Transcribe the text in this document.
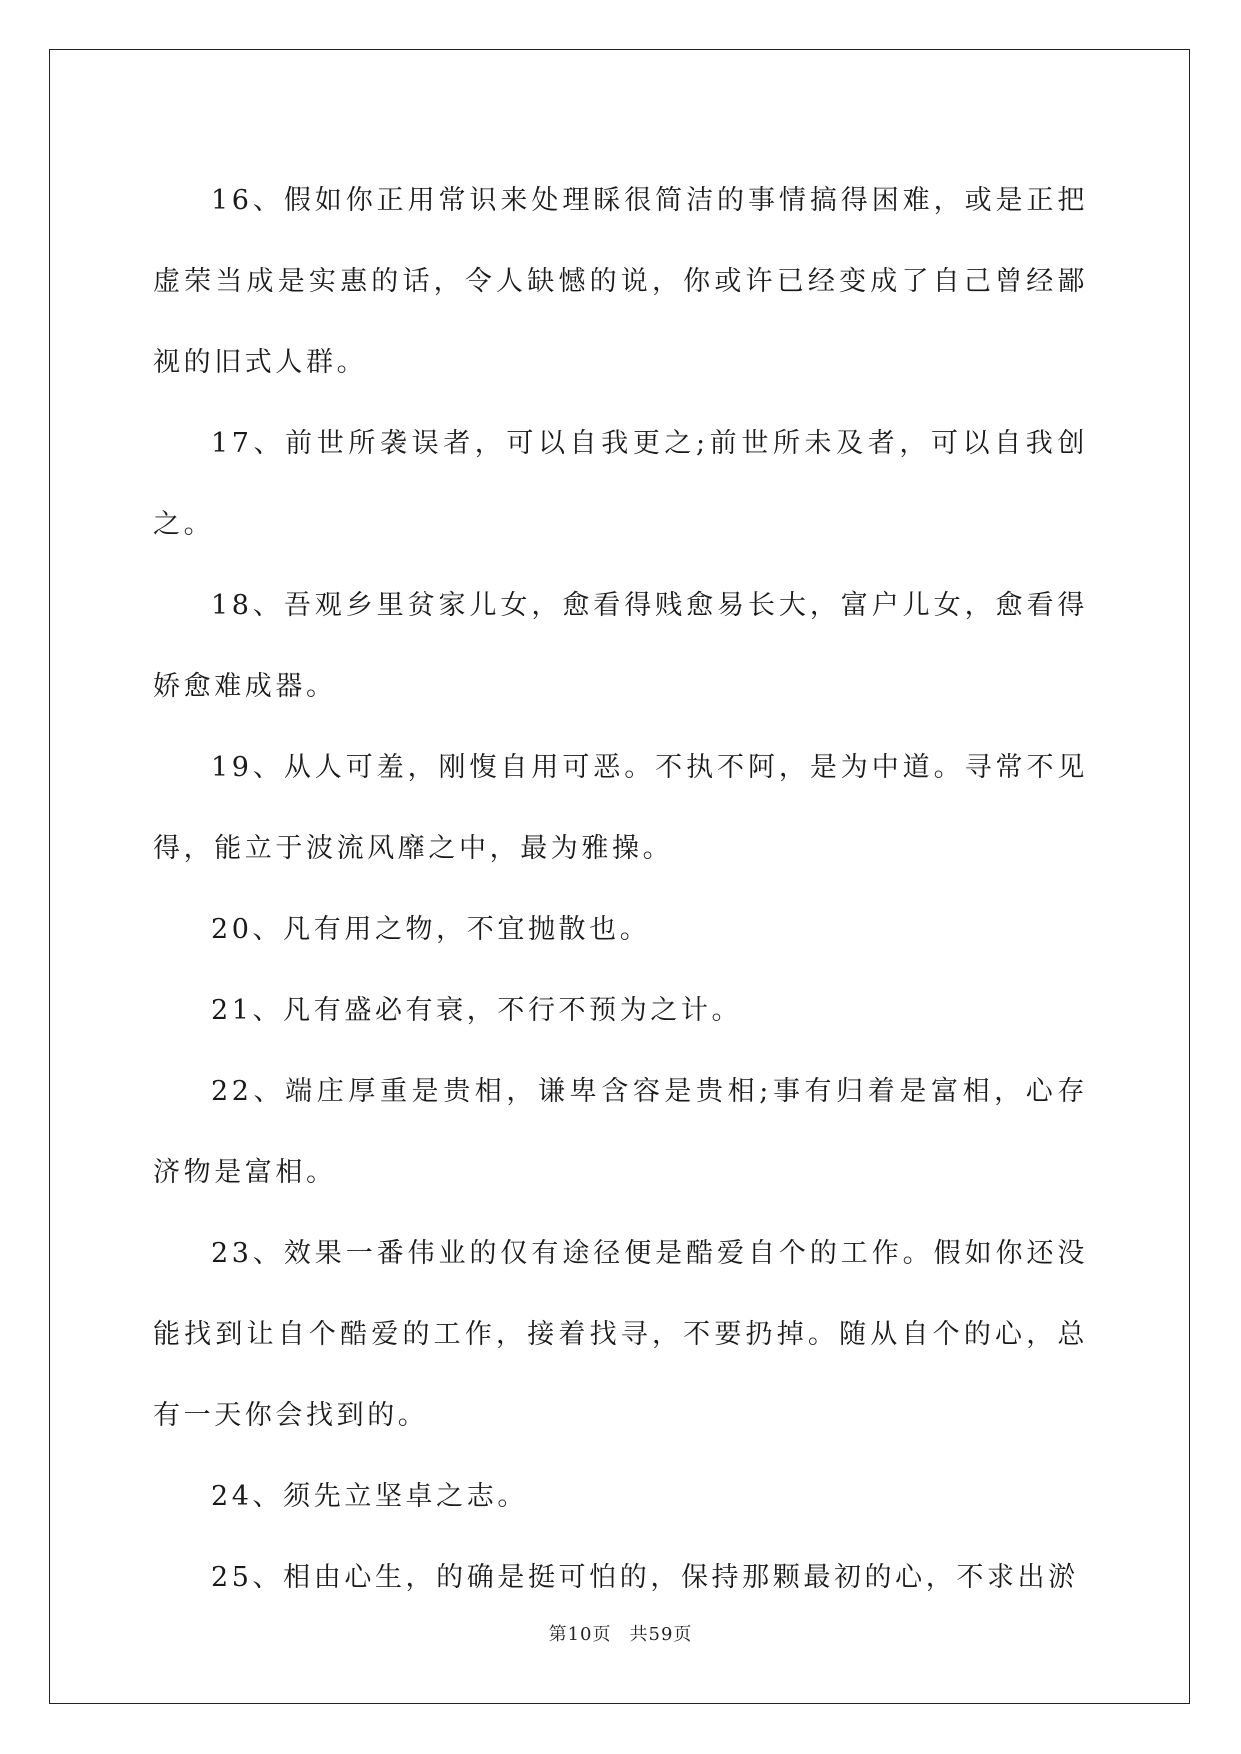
16、假如你正用常识来处理睬很简洁的事情搞得困难，或是正把虚荣当成是实惠的话，令人缺憾的说，你或许已经变成了自己曾经鄙视的旧式人群。

17、前世所袭误者，可以自我更之;前世所未及者，可以自我创之。

18、吾观乡里贫家儿女，愈看得贱愈易长大，富户儿女，愈看得娇愈难成器。

19、从人可羞，刚愎自用可恶。不执不阿，是为中道。寻常不见得，能立于波流风靡之中，最为雅操。

20、凡有用之物，不宜抛散也。

21、凡有盛必有衰，不行不预为之计。

22、端庄厚重是贵相，谦卑含容是贵相;事有归着是富相，心存济物是富相。

23、效果一番伟业的仅有途径便是酷爱自个的工作。假如你还没能找到让自个酷爱的工作，接着找寻，不要扔掉。随从自个的心，总有一天你会找到的。

24、须先立坚卓之志。

25、相由心生，的确是挺可怕的，保持那颗最初的心，不求出淤

第10页 共59页
